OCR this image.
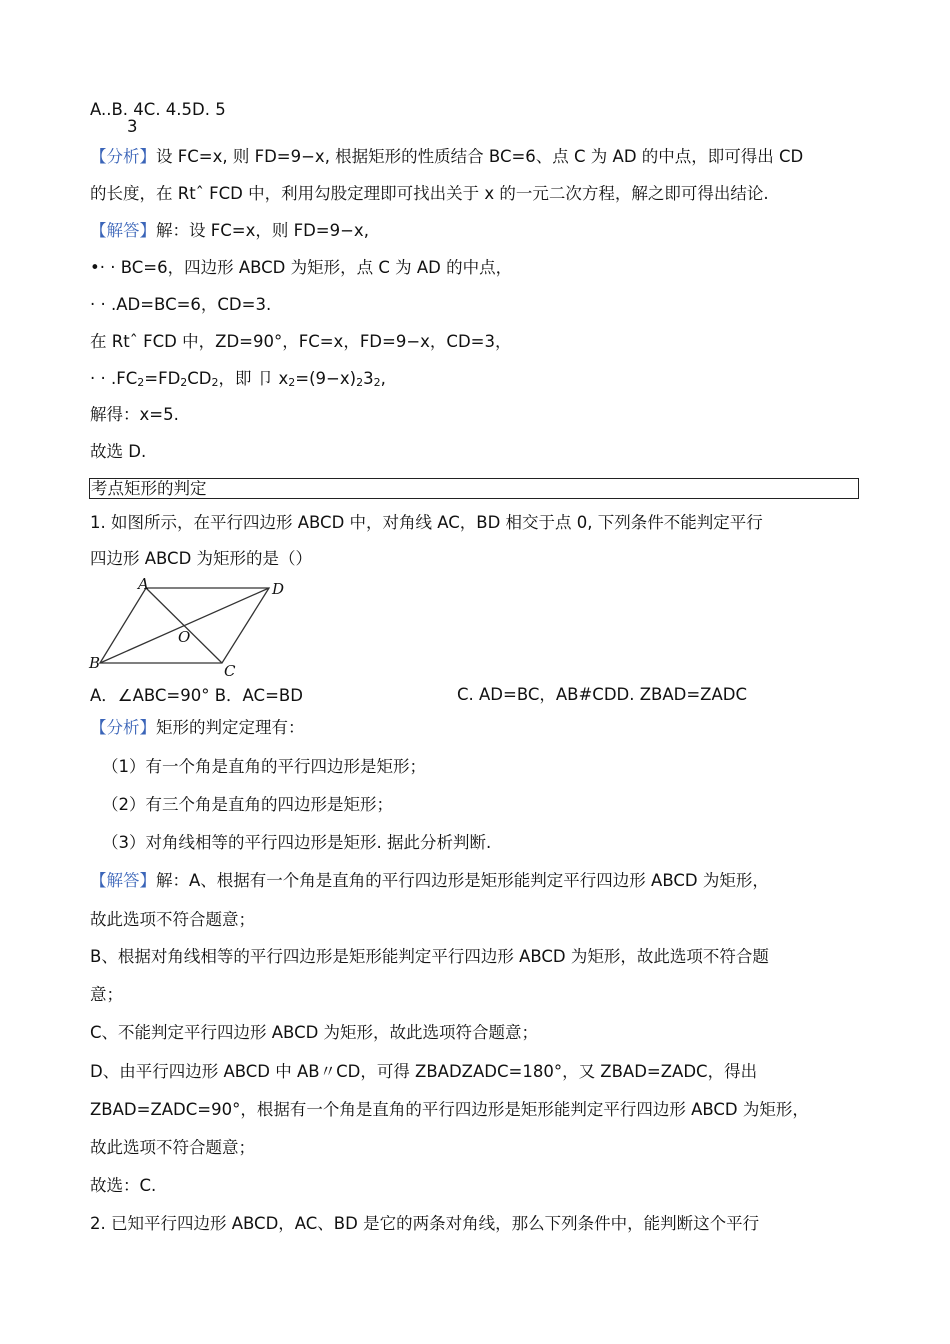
A..B. 4C. 4.5D. 5
3
【分析】设 FC=x, 则 FD=9−x, 根据矩形的性质结合 BC=6、点 C 为 AD 的中点，即可得出 CD
的长度，在 Rtˆ FCD 中，利用勾股定理即可找出关于 x 的一元二次方程，解之即可得出结论.
【解答】解：设 FC=x，则 FD=9−x,
•· · BC=6，四边形 ABCD 为矩形，点 C 为 AD 的中点，
· · .AD=BC=6，CD=3.
在 Rtˆ FCD 中，ZD=90°，FC=x，FD=9−x，CD=3，
· · .FC2=FD2CD2，即 卩 x2=(9−x)232,
解得：x=5.
故选 D.
考点矩形的判定
1. 如图所示，在平行四边形 ABCD 中，对角线 AC，BD 相交于点 0, 下列条件不能判定平行
四边形 ABCD 为矩形的是（）
A	D
O
B	C
A．∠ABC=90° B．AC=BD	C. AD=BC，AB#CDD. ZBAD=ZADC
【分析】矩形的判定定理有：
（1）有一个角是直角的平行四边形是矩形；
（2）有三个角是直角的四边形是矩形；
（3）对角线相等的平行四边形是矩形. 据此分析判断.
【解答】解：A、根据有一个角是直角的平行四边形是矩形能判定平行四边形 ABCD 为矩形，
故此选项不符合题意；
B、根据对角线相等的平行四边形是矩形能判定平行四边形 ABCD 为矩形，故此选项不符合题
意；
C、不能判定平行四边形 ABCD 为矩形，故此选项符合题意；
D、由平行四边形 ABCD 中 AB〃CD，可得 ZBADZADC=180°，又 ZBAD=ZADC，得出
ZBAD=ZADC=90°，根据有一个角是直角的平行四边形是矩形能判定平行四边形 ABCD 为矩形，
故此选项不符合题意；
故选：C.
2. 已知平行四边形 ABCD，AC、BD 是它的两条对角线，那么下列条件中，能判断这个平行
